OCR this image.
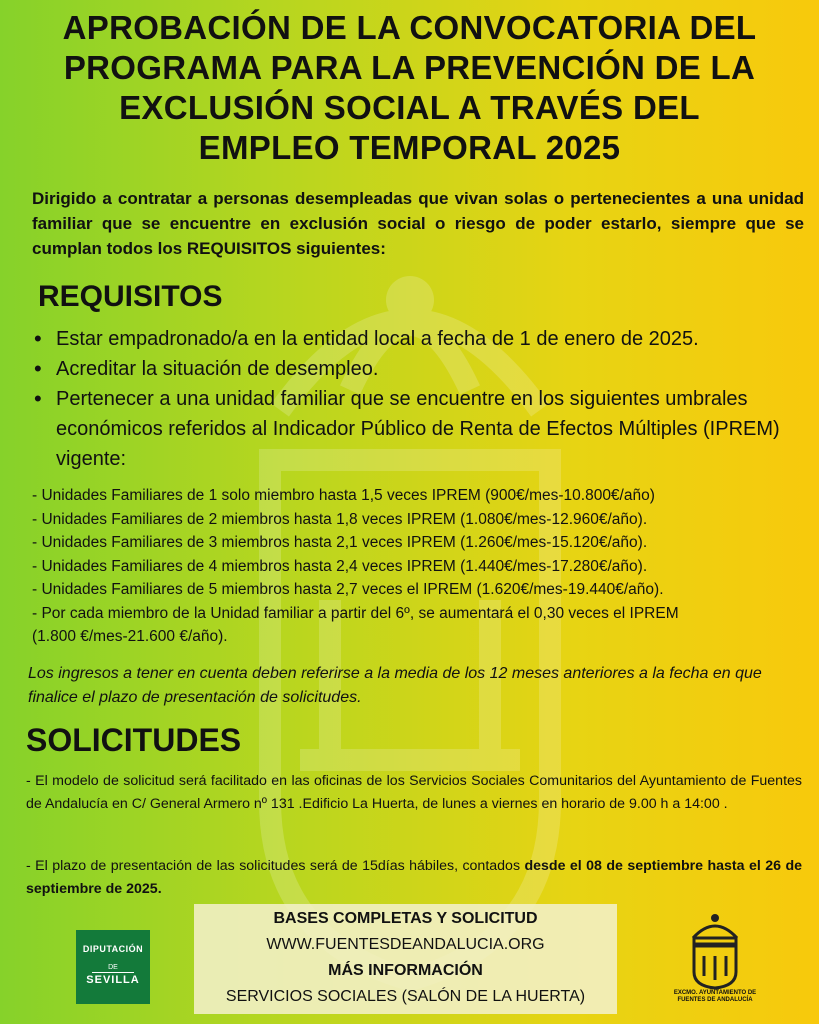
APROBACIÓN DE LA CONVOCATORIA DEL
PROGRAMA PARA LA PREVENCIÓN DE LA
EXCLUSIÓN SOCIAL A TRAVÉS DEL
EMPLEO TEMPORAL 2025
Dirigido a contratar a personas desempleadas que vivan solas o pertenecientes a una unidad familiar que se encuentre en exclusión social o riesgo de poder estarlo, siempre que se cumplan todos los REQUISITOS siguientes:
REQUISITOS
• Estar empadronado/a en la entidad local a fecha de 1 de enero de 2025.
• Acreditar la situación de desempleo.
• Pertenecer a una unidad familiar que se encuentre en los siguientes umbrales económicos referidos al Indicador Público de Renta de Efectos Múltiples (IPREM) vigente:
- Unidades Familiares de 1 solo miembro hasta 1,5 veces IPREM (900€/mes-10.800€/año)
- Unidades Familiares de 2 miembros hasta 1,8 veces IPREM (1.080€/mes-12.960€/año).
- Unidades Familiares de 3 miembros hasta 2,1 veces IPREM (1.260€/mes-15.120€/año).
- Unidades Familiares de 4 miembros hasta 2,4 veces IPREM (1.440€/mes-17.280€/año).
- Unidades Familiares de 5 miembros hasta 2,7 veces el IPREM (1.620€/mes-19.440€/año).
- Por cada miembro de la Unidad familiar a partir del 6º, se aumentará el 0,30 veces el IPREM
(1.800 €/mes-21.600 €/año).
Los ingresos a tener en cuenta deben referirse a la media de los 12 meses anteriores a la fecha en que finalice el plazo de presentación de solicitudes.
SOLICITUDES
- El modelo de solicitud será facilitado en las oficinas de los Servicios Sociales Comunitarios del Ayuntamiento de Fuentes de Andalucía en C/ General Armero nº 131 .Edificio La Huerta, de lunes a viernes en horario de 9.00 h a 14:00 .
- El plazo de presentación de las solicitudes será de 15días hábiles, contados desde el 08 de septiembre hasta el 26 de septiembre de 2025.
BASES COMPLETAS Y SOLICITUD
WWW.FUENTESDEANDALUCIA.ORG
MÁS INFORMACIÓN
SERVICIOS SOCIALES (SALÓN DE LA HUERTA)
DIPUTACIÓN
DE
SEVILLA
EXCMO. AYUNTAMIENTO DE
FUENTES DE ANDALUCÍA
